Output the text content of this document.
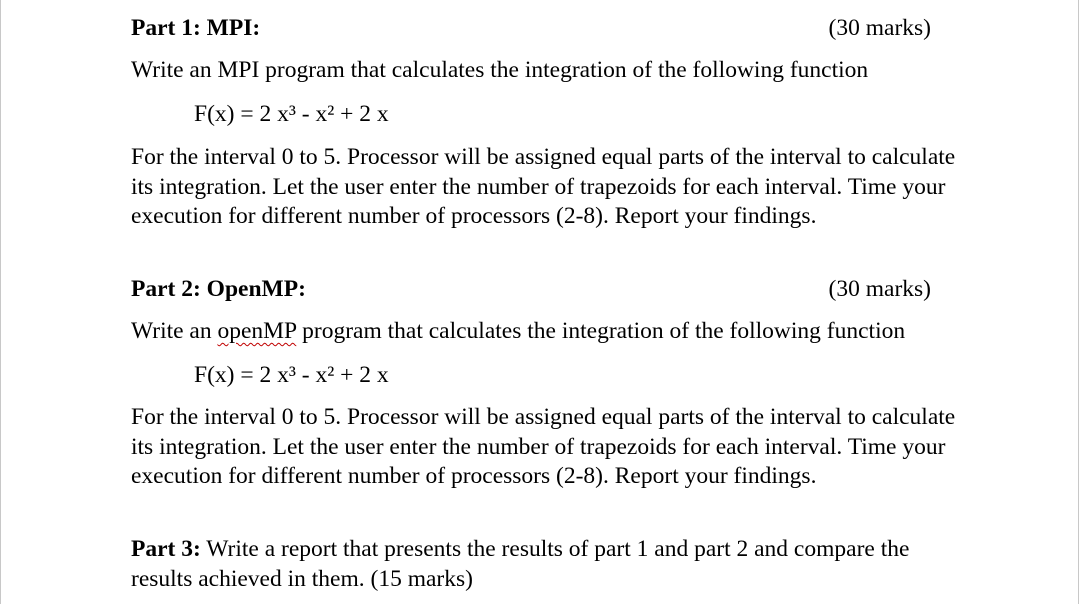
Part 1: MPI:	(30 marks)
Write an MPI program that calculates the integration of the following function
F(x) = 2 x³ - x² + 2 x
For the interval 0 to 5. Processor will be assigned equal parts of the interval to calculate its integration. Let the user enter the number of trapezoids for each interval. Time your execution for different number of processors (2-8). Report your findings.
Part 2: OpenMP:	(30 marks)
Write an openMP program that calculates the integration of the following function
F(x) = 2 x³ - x² + 2 x
For the interval 0 to 5. Processor will be assigned equal parts of the interval to calculate its integration. Let the user enter the number of trapezoids for each interval. Time your execution for different number of processors (2-8). Report your findings.
Part 3: Write a report that presents the results of part 1 and part 2 and compare the results achieved in them. (15 marks)
